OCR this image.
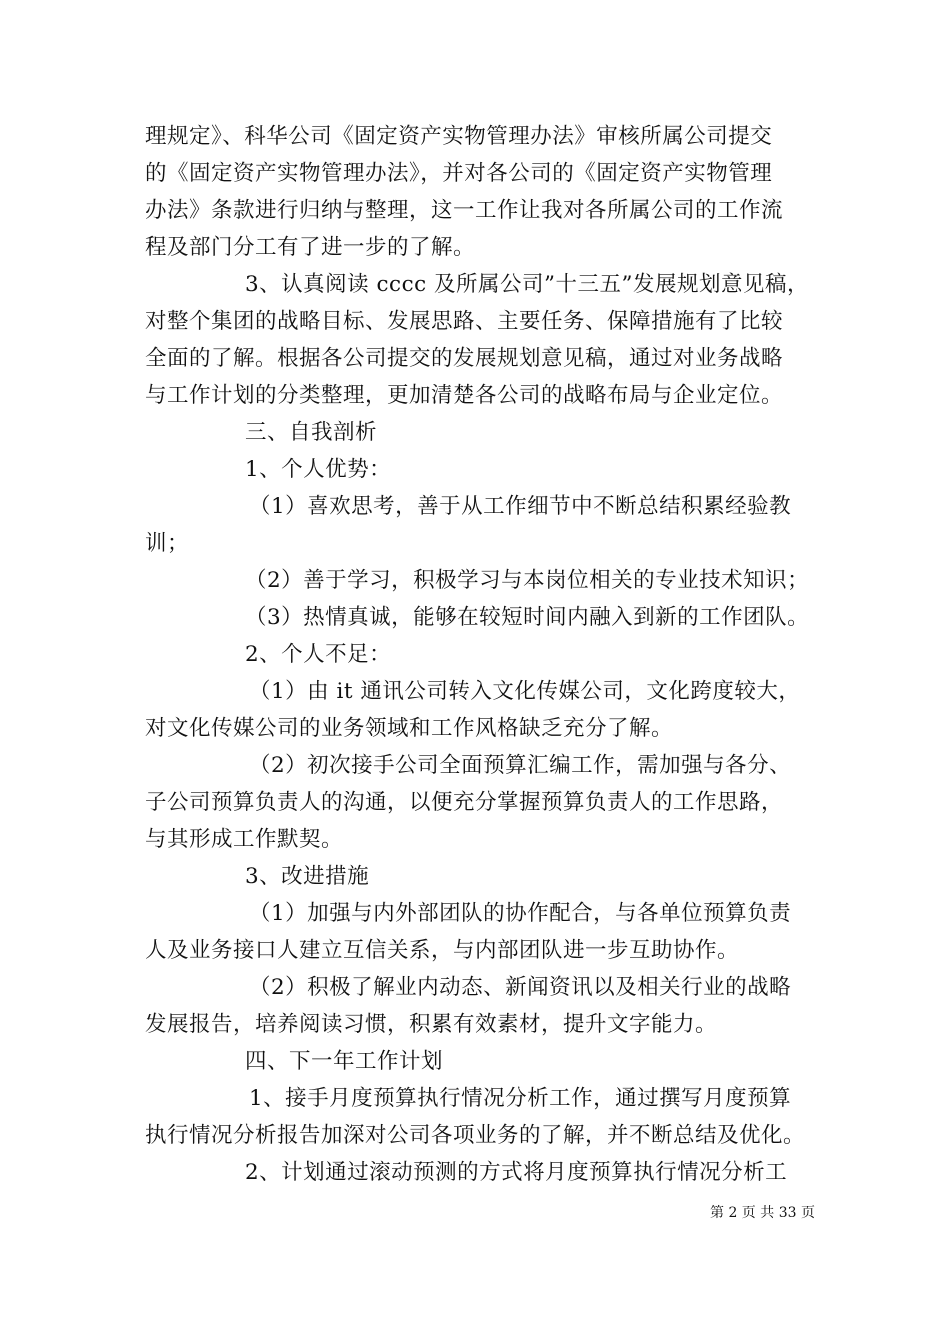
理规定》、科华公司《固定资产实物管理办法》审核所属公司提交
的《固定资产实物管理办法》，并对各公司的《固定资产实物管理
办法》条款进行归纳与整理，这一工作让我对各所属公司的工作流
程及部门分工有了进一步的了解。
3、认真阅读 cccc 及所属公司”十三五”发展规划意见稿，
对整个集团的战略目标、发展思路、主要任务、保障措施有了比较
全面的了解。根据各公司提交的发展规划意见稿，通过对业务战略
与工作计划的分类整理，更加清楚各公司的战略布局与企业定位。
三、自我剖析
1、个人优势：
（1）喜欢思考，善于从工作细节中不断总结积累经验教
训；
（2）善于学习，积极学习与本岗位相关的专业技术知识；
（3）热情真诚，能够在较短时间内融入到新的工作团队。
2、个人不足：
（1）由 it 通讯公司转入文化传媒公司，文化跨度较大，
对文化传媒公司的业务领域和工作风格缺乏充分了解。
（2）初次接手公司全面预算汇编工作，需加强与各分、
子公司预算负责人的沟通，以便充分掌握预算负责人的工作思路，
与其形成工作默契。
3、改进措施
（1）加强与内外部团队的协作配合，与各单位预算负责
人及业务接口人建立互信关系，与内部团队进一步互助协作。
（2）积极了解业内动态、新闻资讯以及相关行业的战略
发展报告，培养阅读习惯，积累有效素材，提升文字能力。
四、下一年工作计划
1、接手月度预算执行情况分析工作，通过撰写月度预算
执行情况分析报告加深对公司各项业务的了解，并不断总结及优化。
2、计划通过滚动预测的方式将月度预算执行情况分析工
第 2 页 共 33 页
